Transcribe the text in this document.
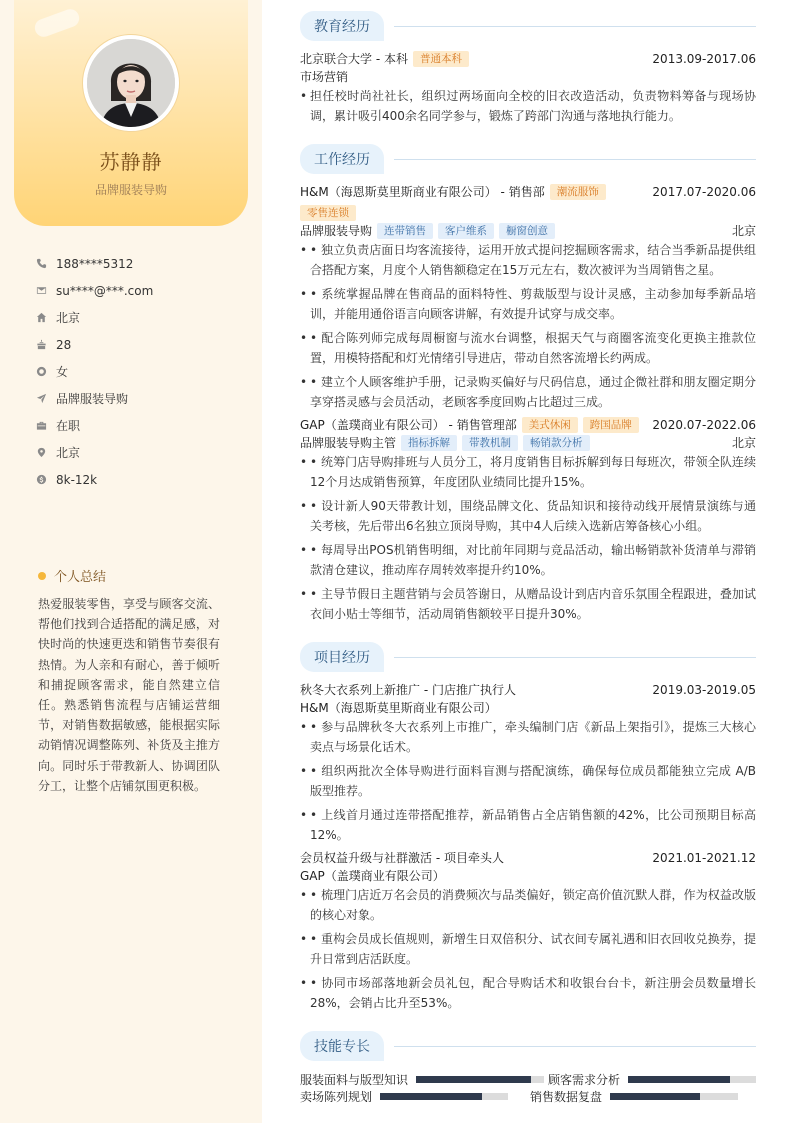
苏静静
品牌服装导购
188****5312
su****@***.com
北京
28
女
品牌服装导购
在职
北京
8k-12k
个人总结
热爱服装零售，享受与顾客交流、帮他们找到合适搭配的满足感，对快时尚的快速更迭和销售节奏很有热情。为人亲和有耐心，善于倾听和捕捉顾客需求，能自然建立信任。熟悉销售流程与店铺运营细节，对销售数据敏感，能根据实际动销情况调整陈列、补货及主推方向。同时乐于带教新人、协调团队分工，让整个店铺氛围更积极。
教育经历
北京联合大学 - 本科	普通本科	2013.09-2017.06
市场营销
• 担任校时尚社社长，组织过两场面向全校的旧衣改造活动，负责物料筹备与现场协调，累计吸引400余名同学参与，锻炼了跨部门沟通与落地执行能力。
工作经历
H&M（海恩斯莫里斯商业有限公司） - 销售部	潮流服饰	2017.07-2020.06
零售连锁
品牌服装导购	连带销售	客户维系	橱窗创意	北京
• • 独立负责店面日均客流接待，运用开放式提问挖掘顾客需求，结合当季新品提供组合搭配方案，月度个人销售额稳定在15万元左右，数次被评为当周销售之星。
• • 系统掌握品牌在售商品的面料特性、剪裁版型与设计灵感，主动参加每季新品培训，并能用通俗语言向顾客讲解，有效提升试穿与成交率。
• • 配合陈列师完成每周橱窗与流水台调整，根据天气与商圈客流变化更换主推款位置，用模特搭配和灯光情绪引导进店，带动自然客流增长约两成。
• • 建立个人顾客维护手册，记录购买偏好与尺码信息，通过企微社群和朋友圈定期分享穿搭灵感与会员活动，老顾客季度回购占比超过三成。
GAP（盖璞商业有限公司） - 销售管理部	美式休闲	跨国品牌	2020.07-2022.06
品牌服装导购主管	指标拆解	带教机制	畅销款分析	北京
• • 统筹门店导购排班与人员分工，将月度销售目标拆解到每日每班次，带领全队连续12个月达成销售预算，年度团队业绩同比提升15%。
• • 设计新人90天带教计划，围绕品牌文化、货品知识和接待动线开展情景演练与通关考核，先后带出6名独立顶岗导购，其中4人后续入选新店筹备核心小组。
• • 每周导出POS机销售明细，对比前年同期与竞品活动，输出畅销款补货清单与滞销款清仓建议，推动库存周转效率提升约10%。
• • 主导节假日主题营销与会员答谢日，从赠品设计到店内音乐氛围全程跟进，叠加试衣间小贴士等细节，活动周销售额较平日提升30%。
项目经历
秋冬大衣系列上新推广 - 门店推广执行人	2019.03-2019.05
H&M（海恩斯莫里斯商业有限公司）
• • 参与品牌秋冬大衣系列上市推广，牵头编制门店《新品上架指引》，提炼三大核心卖点与场景化话术。
• • 组织两批次全体导购进行面料盲测与搭配演练，确保每位成员都能独立完成 A/B 版型推荐。
• • 上线首月通过连带搭配推荐，新品销售占全店销售额的42%，比公司预期目标高12%。
会员权益升级与社群激活 - 项目牵头人	2021.01-2021.12
GAP（盖璞商业有限公司）
• • 梳理门店近万名会员的消费频次与品类偏好，锁定高价值沉默人群，作为权益改版的核心对象。
• • 重构会员成长值规则，新增生日双倍积分、试衣间专属礼遇和旧衣回收兑换券，提升日常到店活跃度。
• • 协同市场部落地新会员礼包，配合导购话术和收银台台卡，新注册会员数量增长28%，会销占比升至53%。
技能专长
服装面料与版型知识	顾客需求分析
卖场陈列规划	销售数据复盘
